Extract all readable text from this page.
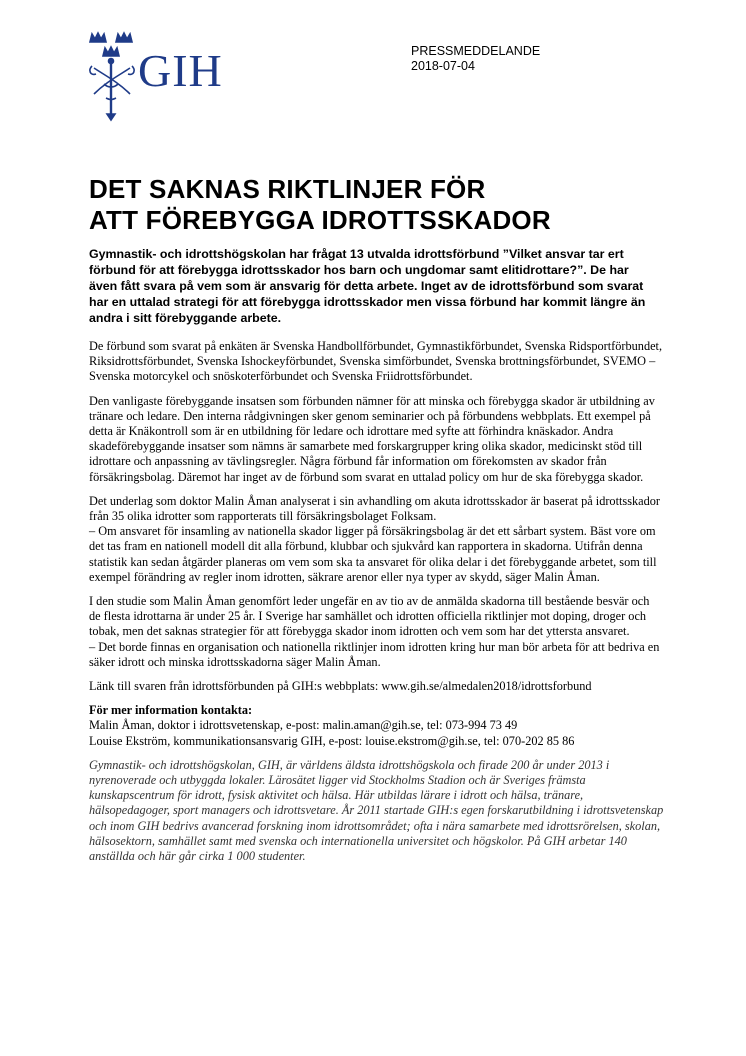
GIH	PRESSMEDDELANDE
2018-07-04
DET SAKNAS RIKTLINJER FÖR
ATT FÖREBYGGA IDROTTSSKADOR

Gymnastik- och idrottshögskolan har frågat 13 utvalda idrottsförbund ”Vilket ansvar tar ert förbund för att förebygga idrottsskador hos barn och ungdomar samt elitidrottare?”. De har även fått svara på vem som är ansvarig för detta arbete. Inget av de idrottsförbund som svarat har en uttalad strategi för att förebygga idrottsskador men vissa förbund har kommit längre än andra i sitt förebyggande arbete.

De förbund som svarat på enkäten är Svenska Handbollförbundet, Gymnastikförbundet, Svenska Ridsportförbundet, Riksidrottsförbundet, Svenska Ishockeyförbundet, Svenska simförbundet, Svenska brottningsförbundet, SVEMO – Svenska motorcykel och snöskoterförbundet och Svenska Friidrottsförbundet.

Den vanligaste förebyggande insatsen som förbunden nämner för att minska och förebygga skador är utbildning av tränare och ledare. Den interna rådgivningen sker genom seminarier och på förbundens webbplats. Ett exempel på detta är Knäkontroll som är en utbildning för ledare och idrottare med syfte att förhindra knäskador. Andra skadeförebyggande insatser som nämns är samarbete med forskargrupper kring olika skador, medicinskt stöd till idrottare och anpassning av tävlingsregler. Några förbund får information om förekomsten av skador från försäkringsbolag. Däremot har inget av de förbund som svarat en uttalad policy om hur de ska förebygga skador.

Det underlag som doktor Malin Åman analyserat i sin avhandling om akuta idrottsskador är baserat på idrottsskador från 35 olika idrotter som rapporterats till försäkringsbolaget Folksam.
– Om ansvaret för insamling av nationella skador ligger på försäkringsbolag är det ett sårbart system. Bäst vore om det tas fram en nationell modell dit alla förbund, klubbar och sjukvård kan rapportera in skadorna. Utifrån denna statistik kan sedan åtgärder planeras om vem som ska ta ansvaret för olika delar i det förebyggande arbetet, som till exempel förändring av regler inom idrotten, säkrare arenor eller nya typer av skydd, säger Malin Åman.

I den studie som Malin Åman genomfört leder ungefär en av tio av de anmälda skadorna till bestående besvär och de flesta idrottarna är under 25 år. I Sverige har samhället och idrotten officiella riktlinjer mot doping, droger och tobak, men det saknas strategier för att förebygga skador inom idrotten och vem som har det yttersta ansvaret.
– Det borde finnas en organisation och nationella riktlinjer inom idrotten kring hur man bör arbeta för att bedriva en säker idrott och minska idrottsskadorna säger Malin Åman.

Länk till svaren från idrottsförbunden på GIH:s webbplats: www.gih.se/almedalen2018/idrottsforbund

För mer information kontakta:
Malin Åman, doktor i idrottsvetenskap, e-post: malin.aman@gih.se, tel: 073-994 73 49
Louise Ekström, kommunikationsansvarig GIH, e-post: louise.ekstrom@gih.se, tel: 070-202 85 86

Gymnastik- och idrottshögskolan, GIH, är världens äldsta idrottshögskola och firade 200 år under 2013 i nyrenoverade och utbyggda lokaler. Lärosätet ligger vid Stockholms Stadion och är Sveriges främsta kunskapscentrum för idrott, fysisk aktivitet och hälsa. Här utbildas lärare i idrott och hälsa, tränare, hälsopedagoger, sport managers och idrottsvetare. År 2011 startade GIH:s egen forskarutbildning i idrottsvetenskap och inom GIH bedrivs avancerad forskning inom idrottsområdet; ofta i nära samarbete med idrottsrörelsen, skolan, hälsosektorn, samhället samt med svenska och internationella universitet och högskolor. På GIH arbetar 140 anställda och här går cirka 1 000 studenter.
